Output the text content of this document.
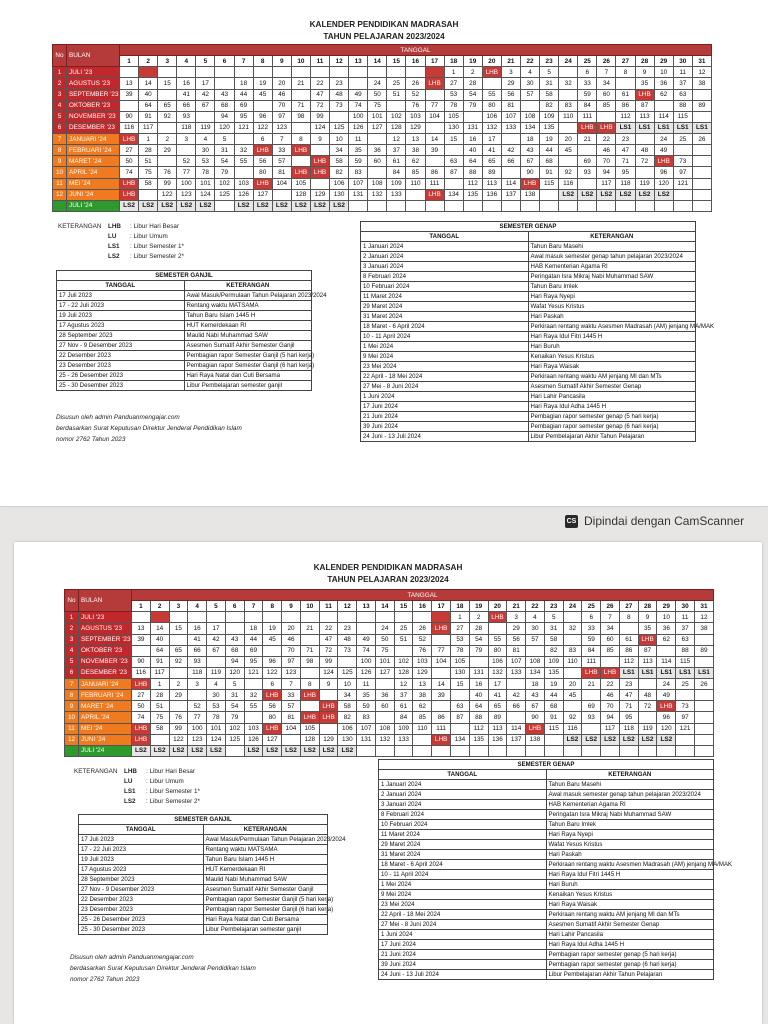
KALENDER PENDIDIKAN MADRASAH
TAHUN PELAJARAN 2023/2024
No	BULAN	TANGGAL																														
		1	2	3	4	5	6	7	8	9	10	11	12	13	14	15	16	17	18	19	20	21	22	23	24	25	26	27	28	29	30	31
1	JULI '23																		1	2	LHB	3	4	5		6	7	8	9	10	11	12
2	AGUSTUS '23	13	14	15	16	17		18	19	20	21	22	23		24	25	26	LHB	27	28		29	30	31	32	33	34		35	36	37	38
3	SEPTEMBER '23	39	40		41	42	43	44	45	46		47	48	49	50	51	52		53	54	55	56	57	58		59	60	61	LHB	62	63	
4	OKTOBER '23		64	65	66	67	68	69		70	71	72	73	74	75		76	77	78	79	80	81		82	83	84	85	86	87		88	89
5	NOVEMBER '23	90	91	92	93		94	95	96	97	98	99		100	101	102	103	104	105		106	107	108	109	110	111		112	113	114	115	
6	DESEMBER '23	116	117		118	119	120	121	122	123		124	125	126	127	128	129		130	131	132	133	134	135		LHB	LHB	LS1	LS1	LS1	LS1	LS1
7	JANUARI '24	LHB	1	2	3	4	5		6	7	8	9	10	11		12	13	14	15	16	17		18	19	20	21	22	23		24	25	26
8	FEBRUARI '24	27	28	29		30	31	32	LHB	33	LHB		34	35	36	37	38	39		40	41	42	43	44	45		46	47	48	49		
9	MARET '24	50	51		52	53	54	55	56	57		LHB	58	59	60	61	62		63	64	65	66	67	68		69	70	71	72	LHB	73	
10	APRIL '24	74	75	76	77	78	79		80	81	LHB	LHB	82	83		84	85	86	87	88	89		90	91	92	93	94	95		96	97	
11	MEI '24	LHB	58	99	100	101	102	103	LHB	104	105		106	107	108	109	110	111		112	113	114	LHB	115	116		117	118	119	120	121	
12	JUNI '24	LHB		122	123	124	125	126	127		128	129	130	131	132	133		LHB	134	135	136	137	138		LS2	LS2	LS2	LS2	LS2	LS2		
	JULI '24	LS2	LS2	LS2	LS2	LS2		LS2	LS2	LS2	LS2	LS2	LS2																			
KETERANGAN LHB	: Libur Hari Besar
LU	: Libur Umum
LS1	: Libur Semester 1*
LS2	: Libur Semester 2*
SEMESTER GANJIL	
TANGGAL	KETERANGAN
17 Juli 2023	Awal Masuk/Permulaan Tahun Pelajaran 2023/2024
17 - 22 Juli 2023	Rentang waktu MATSAMA
19 Juli 2023	Tahun Baru Islam 1445 H
17 Agustus 2023	HUT Kemerdekaan RI
28 September 2023	Maulid Nabi Muhammad SAW
27 Nov - 9 Desember 2023	Asesmen Sumatif Akhir Semester Ganjil
22 Desember 2023	Pembagian rapor Semester Ganjil (5 hari kerja)
23 Desember 2023	Pembagian rapor Semester Ganjil (6 hari kerja)
25 - 26 Desember 2023	Hari Raya Natal dan Cuti Bersama
25 - 30 Desember 2023	Libur Pembelajaran semester ganjil
SEMESTER GENAP	
TANGGAL	KETERANGAN
1 Januari 2024	Tahun Baru Masehi
2 Januari 2024	Awal masuk semester genap tahun pelajaran 2023/2024
3 Januari 2024	HAB Kementerian Agama RI
8 Februari 2024	Peringatan Isra Mikraj Nabi Muhammad SAW
10 Februari 2024	Tahun Baru Imlek
11 Maret 2024	Hari Raya Nyepi
29 Maret 2024	Wafat Yesus Kristus
31 Maret 2024	Hari Paskah
18 Maret - 6 April 2024	Perkiraan rentang waktu Asesmen Madrasah (AM) jenjang MA/MAK
10 - 11 April 2024	Hari Raya Idul Fitri 1445 H
1 Mei 2024	Hari Buruh
9 Mei 2024	Kenaikan Yesus Kristus
23 Mei 2024	Hari Raya Waisak
22 April - 18 Mei 2024	Perkiraan rentang waktu AM jenjang MI dan MTs
27 Mei - 8 Juni 2024	Asesmen Sumatif Akhir Semester Genap
1 Juni 2024	Hari Lahir Pancasila
17 Juni 2024	Hari Raya Idul Adha 1445 H
21 Juni 2024	Pembagian rapor semester genap (5 hari kerja)
39 Juni 2024	Pembagian rapor semester genap (6 hari kerja)
24 Juni - 13 Juli 2024	Libur Pembelajaran Akhir Tahun Pelajaran
Disusun oleh admin Panduanmengajar.com
berdasarkan Surat Keputusan Direktur Jenderal Pendidikan Islam
nomor 2762 Tahun 2023
KALENDER PENDIDIKAN MADRASAH
TAHUN PELAJARAN 2023/2024
No	BULAN	TANGGAL																														
		1	2	3	4	5	6	7	8	9	10	11	12	13	14	15	16	17	18	19	20	21	22	23	24	25	26	27	28	29	30	31
1	JULI '23																		1	2	LHB	3	4	5		6	7	8	9	10	11	12
2	AGUSTUS '23	13	14	15	16	17		18	19	20	21	22	23		24	25	26	LHB	27	28		29	30	31	32	33	34		35	36	37	38
3	SEPTEMBER '23	39	40		41	42	43	44	45	46		47	48	49	50	51	52		53	54	55	56	57	58		59	60	61	LHB	62	63	
4	OKTOBER '23		64	65	66	67	68	69		70	71	72	73	74	75		76	77	78	79	80	81		82	83	84	85	86	87		88	89
5	NOVEMBER '23	90	91	92	93		94	95	96	97	98	99		100	101	102	103	104	105		106	107	108	109	110	111		112	113	114	115	
6	DESEMBER '23	116	117		118	119	120	121	122	123		124	125	126	127	128	129		130	131	132	133	134	135		LHB	LHB	LS1	LS1	LS1	LS1	LS1
7	JANUARI '24	LHB	1	2	3	4	5		6	7	8	9	10	11		12	13	14	15	16	17		18	19	20	21	22	23		24	25	26
8	FEBRUARI '24	27	28	29		30	31	32	LHB	33	LHB		34	35	36	37	38	39		40	41	42	43	44	45		46	47	48	49		
9	MARET '24	50	51		52	53	54	55	56	57		LHB	58	59	60	61	62		63	64	65	66	67	68		69	70	71	72	LHB	73	
10	APRIL '24	74	75	76	77	78	79		80	81	LHB	LHB	82	83		84	85	86	87	88	89		90	91	92	93	94	95		96	97	
11	MEI '24	LHB	58	99	100	101	102	103	LHB	104	105		106	107	108	109	110	111		112	113	114	LHB	115	116		117	118	119	120	121	
12	JUNI '24	LHB		122	123	124	125	126	127		128	129	130	131	132	133		LHB	134	135	136	137	138		LS2	LS2	LS2	LS2	LS2	LS2		
	JULI '24	LS2	LS2	LS2	LS2	LS2		LS2	LS2	LS2	LS2	LS2	LS2																			
KETERANGAN LHB	: Libur Hari Besar
LU	: Libur Umum
LS1	: Libur Semester 1*
LS2	: Libur Semester 2*
SEMESTER GANJIL	
TANGGAL	KETERANGAN
17 Juli 2023	Awal Masuk/Permulaan Tahun Pelajaran 2023/2024
17 - 22 Juli 2023	Rentang waktu MATSAMA
19 Juli 2023	Tahun Baru Islam 1445 H
17 Agustus 2023	HUT Kemerdekaan RI
28 September 2023	Maulid Nabi Muhammad SAW
27 Nov - 9 Desember 2023	Asesmen Sumatif Akhir Semester Ganjil
22 Desember 2023	Pembagian rapor Semester Ganjil (5 hari kerja)
23 Desember 2023	Pembagian rapor Semester Ganjil (6 hari kerja)
25 - 26 Desember 2023	Hari Raya Natal dan Cuti Bersama
25 - 30 Desember 2023	Libur Pembelajaran semester ganjil
SEMESTER GENAP	
TANGGAL	KETERANGAN
1 Januari 2024	Tahun Baru Masehi
2 Januari 2024	Awal masuk semester genap tahun pelajaran 2023/2024
3 Januari 2024	HAB Kementerian Agama RI
8 Februari 2024	Peringatan Isra Mikraj Nabi Muhammad SAW
10 Februari 2024	Tahun Baru Imlek
11 Maret 2024	Hari Raya Nyepi
29 Maret 2024	Wafat Yesus Kristus
31 Maret 2024	Hari Paskah
18 Maret - 6 April 2024	Perkiraan rentang waktu Asesmen Madrasah (AM) jenjang MA/MAK
10 - 11 April 2024	Hari Raya Idul Fitri 1445 H
1 Mei 2024	Hari Buruh
9 Mei 2024	Kenaikan Yesus Kristus
23 Mei 2024	Hari Raya Waisak
22 April - 18 Mei 2024	Perkiraan rentang waktu AM jenjang MI dan MTs
27 Mei - 8 Juni 2024	Asesmen Sumatif Akhir Semester Genap
1 Juni 2024	Hari Lahir Pancasila
17 Juni 2024	Hari Raya Idul Adha 1445 H
21 Juni 2024	Pembagian rapor semester genap (5 hari kerja)
39 Juni 2024	Pembagian rapor semester genap (6 hari kerja)
24 Juni - 13 Juli 2024	Libur Pembelajaran Akhir Tahun Pelajaran
Disusun oleh admin Panduanmengajar.com
berdasarkan Surat Keputusan Direktur Jenderal Pendidikan Islam
nomor 2762 Tahun 2023
CS Dipindai dengan CamScanner
